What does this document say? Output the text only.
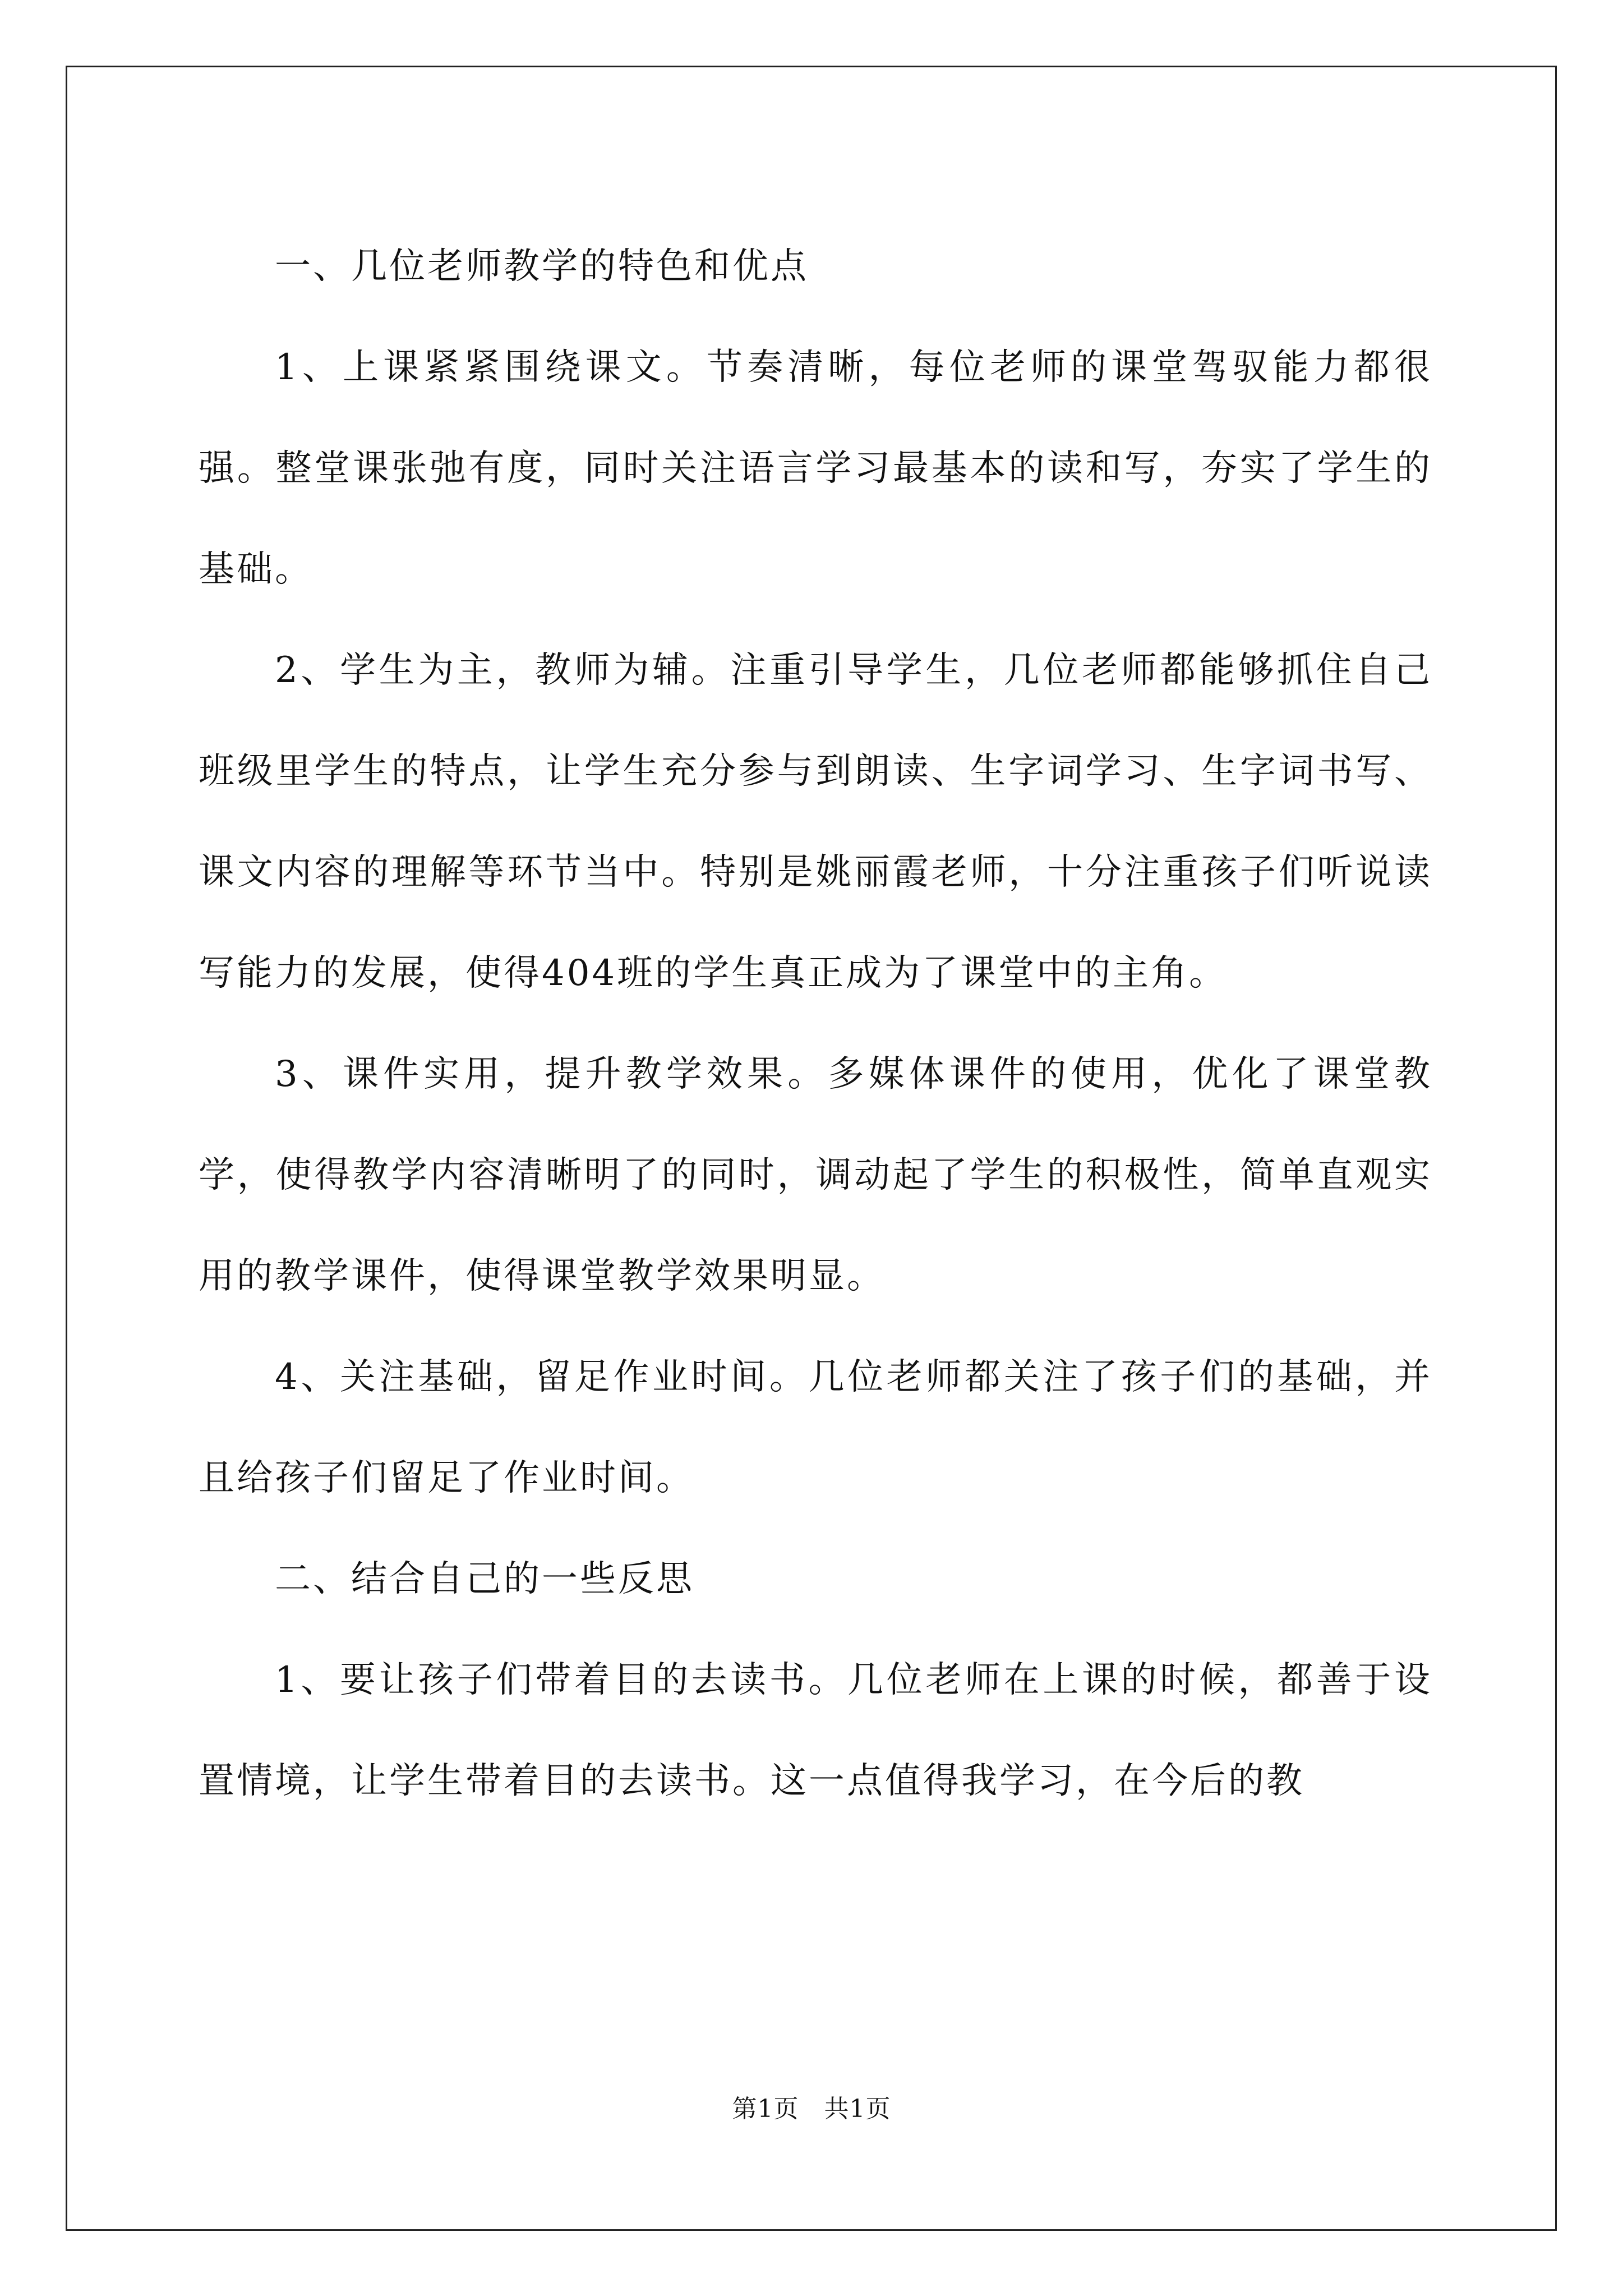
一、几位老师教学的特色和优点

1、上课紧紧围绕课文。节奏清晰，每位老师的课堂驾驭能力都很强。整堂课张弛有度，同时关注语言学习最基本的读和写，夯实了学生的基础。

2、学生为主，教师为辅。注重引导学生，几位老师都能够抓住自己班级里学生的特点，让学生充分参与到朗读、生字词学习、生字词书写、课文内容的理解等环节当中。特别是姚丽霞老师，十分注重孩子们听说读写能力的发展，使得404班的学生真正成为了课堂中的主角。

3、课件实用，提升教学效果。多媒体课件的使用，优化了课堂教学，使得教学内容清晰明了的同时，调动起了学生的积极性，简单直观实用的教学课件，使得课堂教学效果明显。

4、关注基础，留足作业时间。几位老师都关注了孩子们的基础，并且给孩子们留足了作业时间。

二、结合自己的一些反思

1、要让孩子们带着目的去读书。几位老师在上课的时候，都善于设置情境，让学生带着目的去读书。这一点值得我学习，在今后的教

第1页   共1页
